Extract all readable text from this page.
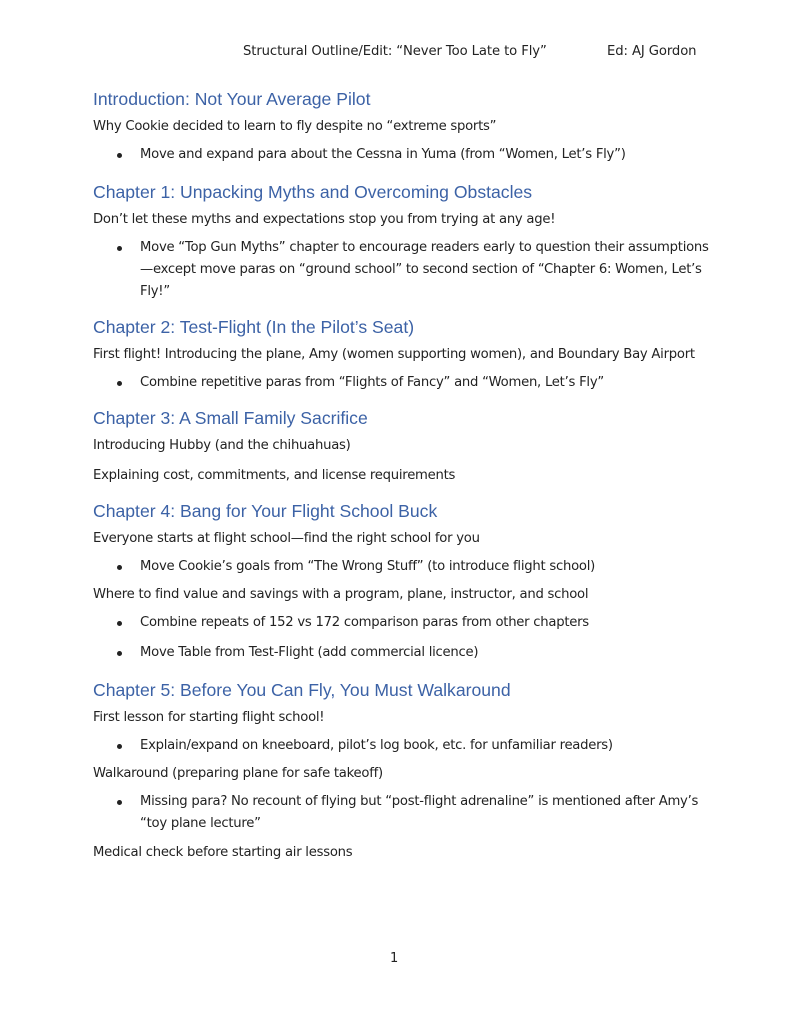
Structural Outline/Edit: “Never Too Late to Fly”	Ed: AJ Gordon
Introduction: Not Your Average Pilot

Why Cookie decided to learn to fly despite no “extreme sports”

Move and expand para about the Cessna in Yuma (from “Women, Let’s Fly”)
Chapter 1: Unpacking Myths and Overcoming Obstacles

Don’t let these myths and expectations stop you from trying at any age!

Move “Top Gun Myths” chapter to encourage readers early to question their assumptions—except move paras on “ground school” to second section of “Chapter 6: Women, Let’s Fly!”
Chapter 2: Test-Flight (In the Pilot’s Seat)

First flight! Introducing the plane, Amy (women supporting women), and Boundary Bay Airport

Combine repetitive paras from “Flights of Fancy” and “Women, Let’s Fly”
Chapter 3: A Small Family Sacrifice

Introducing Hubby (and the chihuahuas)

Explaining cost, commitments, and license requirements

Chapter 4: Bang for Your Flight School Buck

Everyone starts at flight school—find the right school for you

Move Cookie’s goals from “The Wrong Stuff” (to introduce flight school)

Where to find value and savings with a program, plane, instructor, and school

Combine repeats of 152 vs 172 comparison paras from other chapters
Move Table from Test-Flight (add commercial licence)
Chapter 5: Before You Can Fly, You Must Walkaround

First lesson for starting flight school!

Explain/expand on kneeboard, pilot’s log book, etc. for unfamiliar readers)

Walkaround (preparing plane for safe takeoff)

Missing para? No recount of flying but “post-flight adrenaline” is mentioned after Amy’s “toy plane lecture”

Medical check before starting air lessons

1
